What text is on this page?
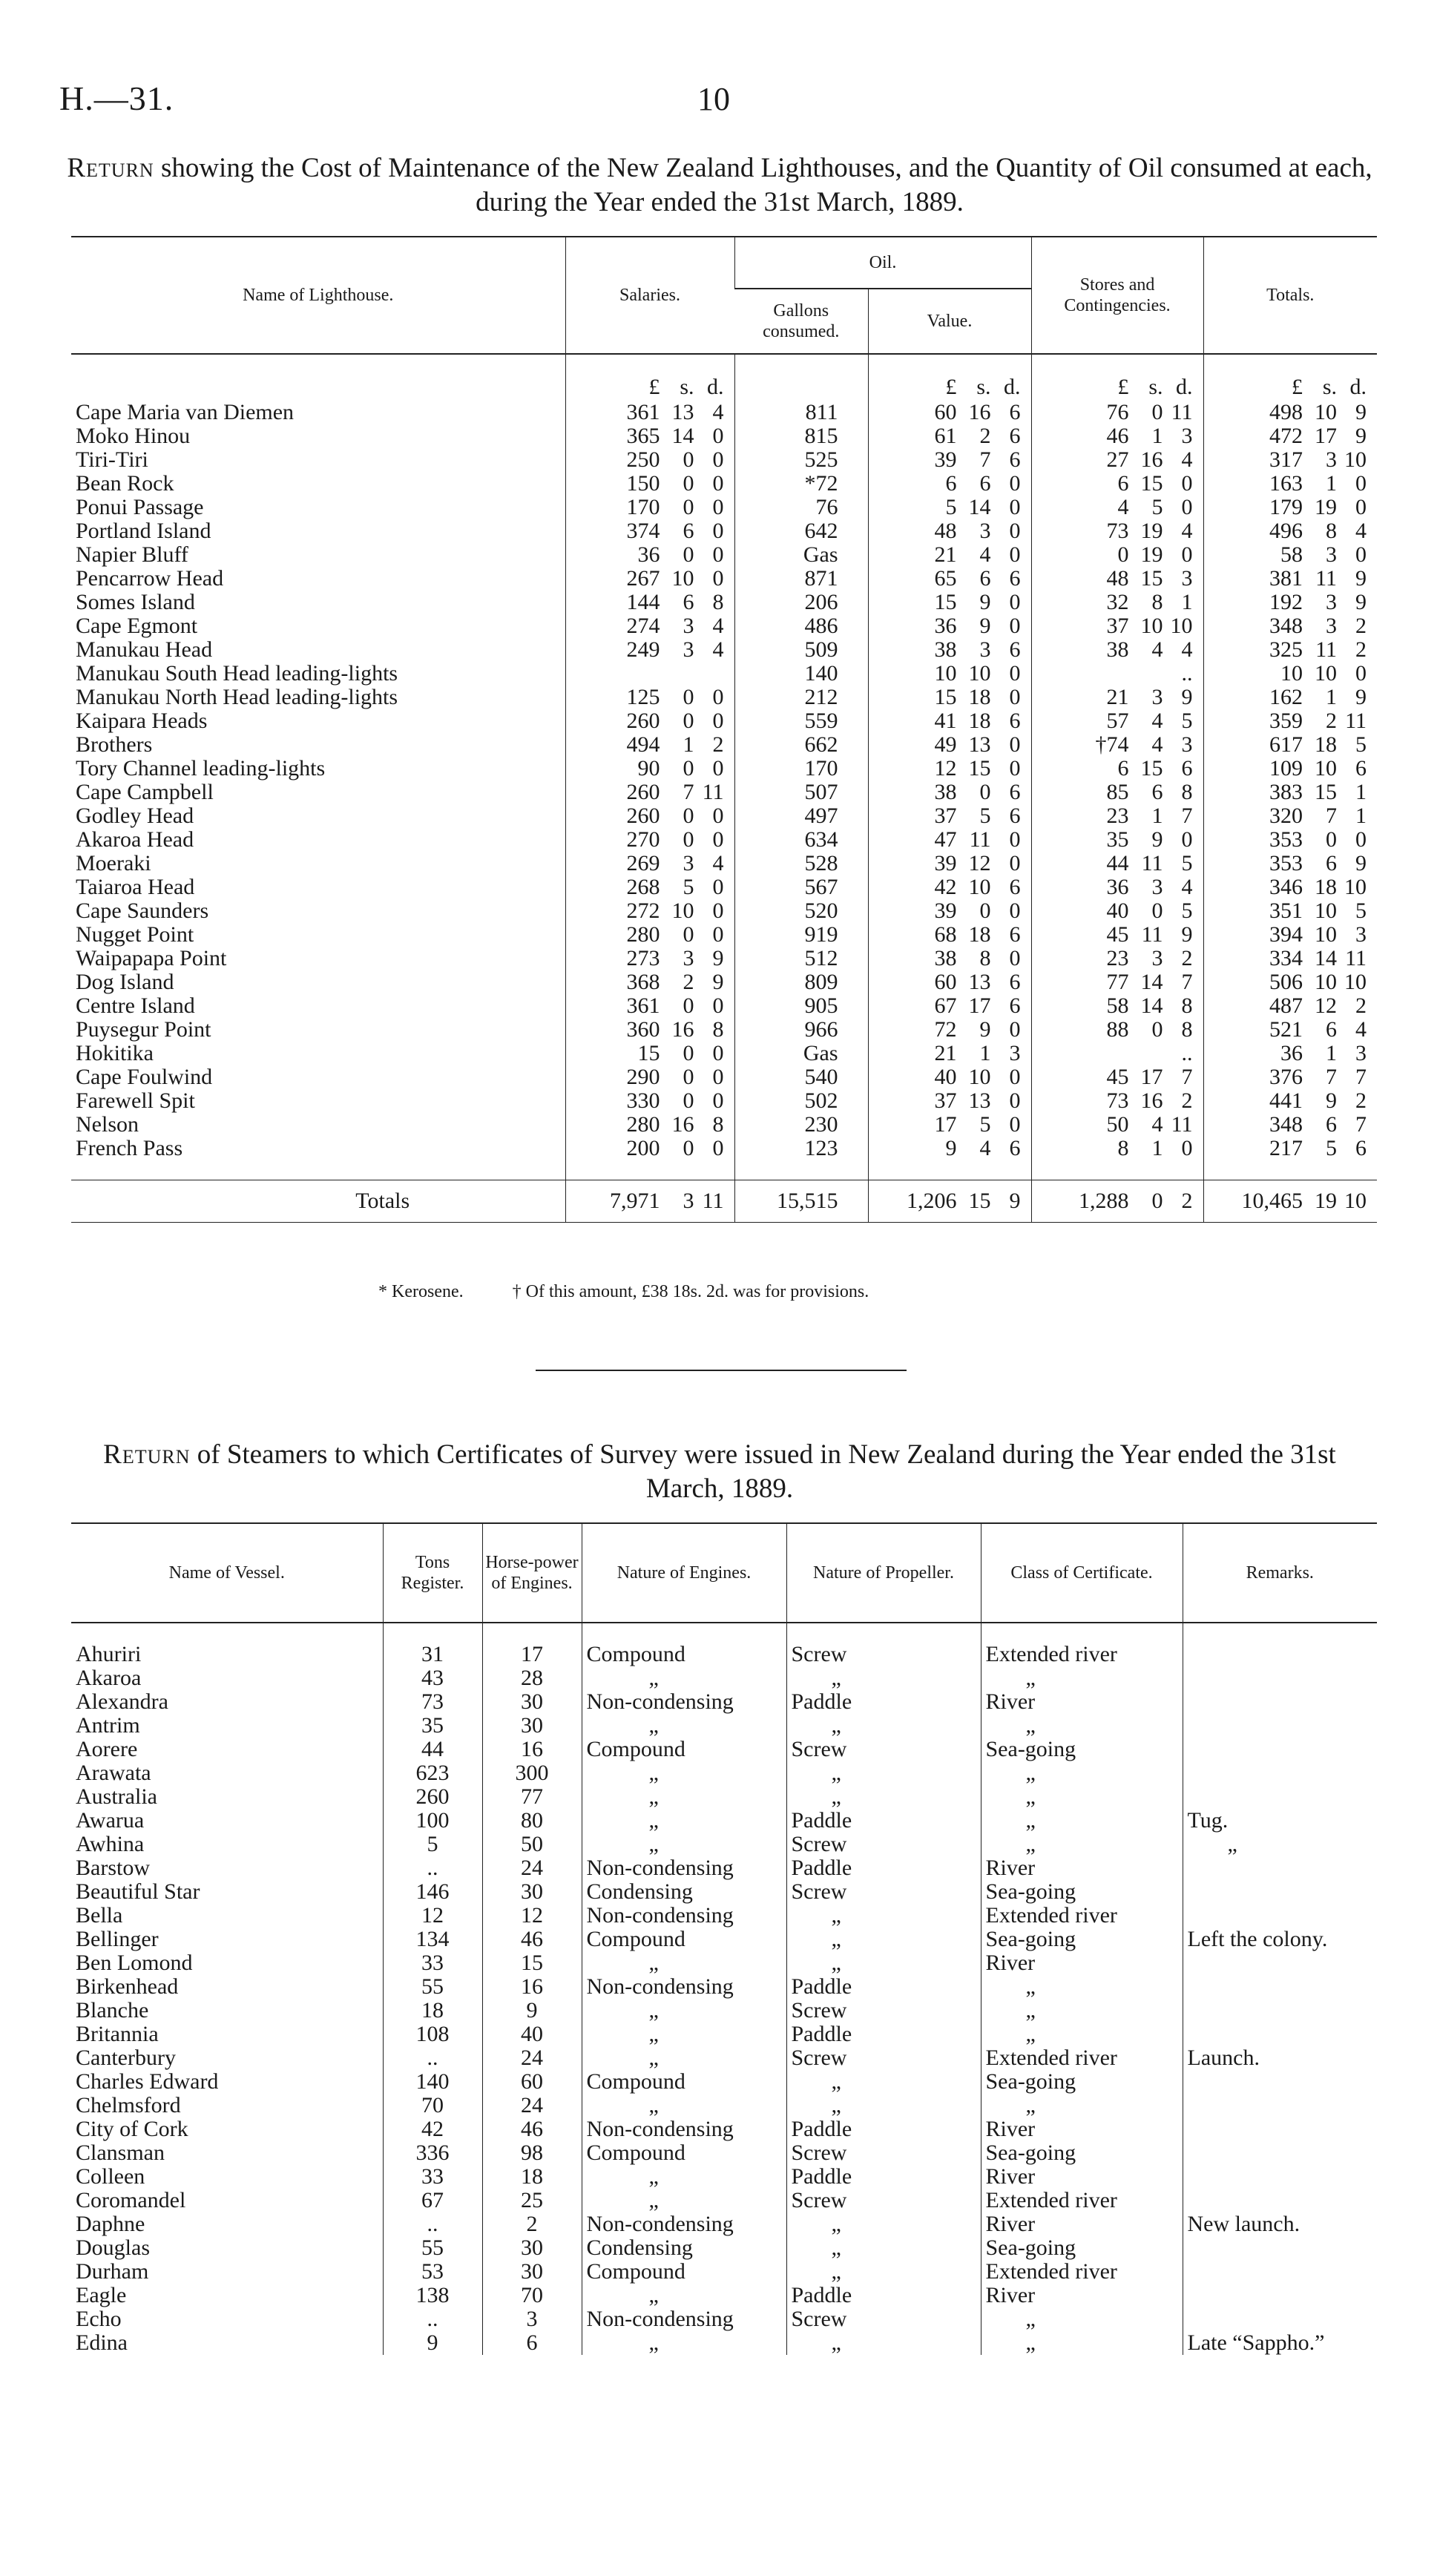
H.—31.	10
Return showing the Cost of Maintenance of the New Zealand Lighthouses, and the Quantity of Oil consumed at each, during the Year ended the 31st March, 1889.
Name of Lighthouse.	Salaries.	Oil.		Stores and Contingencies.	Totals.
		Gallons consumed.	Value.		

	£ s. d.		£ s. d.	£ s. d.	£ s. d.
Cape Maria van Diemen	361 13 4	811	60 16 6	76 0 11	498 10 9
Moko Hinou	365 14 0	815	61 2 6	46 1 3	472 17 9
Tiri-Tiri	250 0 0	525	39 7 6	27 16 4	317 3 10
Bean Rock	150 0 0	*72	6 6 0	6 15 0	163 1 0
Ponui Passage	170 0 0	76	5 14 0	4 5 0	179 19 0
Portland Island	374 6 0	642	48 3 0	73 19 4	496 8 4
Napier Bluff	36 0 0	Gas	21 4 0	0 19 0	58 3 0
Pencarrow Head	267 10 0	871	65 6 6	48 15 3	381 11 9
Somes Island	144 6 8	206	15 9 0	32 8 1	192 3 9
Cape Egmont	274 3 4	486	36 9 0	37 10 10	348 3 2
Manukau Head	249 3 4	509	38 3 6	38 4 4	325 11 2
Manukau South Head leading-lights		140	10 10 0	..	10 10 0
Manukau North Head leading-lights	125 0 0	212	15 18 0	21 3 9	162 1 9
Kaipara Heads	260 0 0	559	41 18 6	57 4 5	359 2 11
Brothers	494 1 2	662	49 13 0	†74 4 3	617 18 5
Tory Channel leading-lights	90 0 0	170	12 15 0	6 15 6	109 10 6
Cape Campbell	260 7 11	507	38 0 6	85 6 8	383 15 1
Godley Head	260 0 0	497	37 5 6	23 1 7	320 7 1
Akaroa Head	270 0 0	634	47 11 0	35 9 0	353 0 0
Moeraki	269 3 4	528	39 12 0	44 11 5	353 6 9
Taiaroa Head	268 5 0	567	42 10 6	36 3 4	346 18 10
Cape Saunders	272 10 0	520	39 0 0	40 0 5	351 10 5
Nugget Point	280 0 0	919	68 18 6	45 11 9	394 10 3
Waipapapa Point	273 3 9	512	38 8 0	23 3 2	334 14 11
Dog Island	368 2 9	809	60 13 6	77 14 7	506 10 10
Centre Island	361 0 0	905	67 17 6	58 14 8	487 12 2
Puysegur Point	360 16 8	966	72 9 0	88 0 8	521 6 4
Hokitika	15 0 0	Gas	21 1 3	..	36 1 3
Cape Foulwind	290 0 0	540	40 10 0	45 17 7	376 7 7
Farewell Spit	330 0 0	502	37 13 0	73 16 2	441 9 2
Nelson	280 16 8	230	17 5 0	50 4 11	348 6 7
French Pass	200 0 0	123	9 4 6	8 1 0	217 5 6

Totals	7,971 3 11	15,515	1,206 15 9	1,288 0 2	10,465 19 10
* Kerosene.	† Of this amount, £38 18s. 2d. was for provisions.
Return of Steamers to which Certificates of Survey were issued in New Zealand during the Year ended the 31st March, 1889.
Name of Vessel.	Tons Register.	Horse-power of Engines.	Nature of Engines.	Nature of Propeller.	Class of Certificate.	Remarks.

Ahuriri	31	17	Compound	Screw	Extended river	
Akaroa	43	28	„	„	„	
Alexandra	73	30	Non-condensing	Paddle	River	
Antrim	35	30	„	„	„	
Aorere	44	16	Compound	Screw	Sea-going	
Arawata	623	300	„	„	„	
Australia	260	77	„	„	„	
Awarua	100	80	„	Paddle	„	Tug.
Awhina	5	50	„	Screw	„	„
Barstow	..	24	Non-condensing	Paddle	River	
Beautiful Star	146	30	Condensing	Screw	Sea-going	
Bella	12	12	Non-condensing	„	Extended river	
Bellinger	134	46	Compound	„	Sea-going	Left the colony.
Ben Lomond	33	15	„	„	River	
Birkenhead	55	16	Non-condensing	Paddle	„	
Blanche	18	9	„	Screw	„	
Britannia	108	40	„	Paddle	„	
Canterbury	..	24	„	Screw	Extended river	Launch.
Charles Edward	140	60	Compound	„	Sea-going	
Chelmsford	70	24	„	„	„	
City of Cork	42	46	Non-condensing	Paddle	River	
Clansman	336	98	Compound	Screw	Sea-going	
Colleen	33	18	„	Paddle	River	
Coromandel	67	25	„	Screw	Extended river	
Daphne	..	2	Non-condensing	„	River	New launch.
Douglas	55	30	Condensing	„	Sea-going	
Durham	53	30	Compound	„	Extended river	
Eagle	138	70	„	Paddle	River	
Echo	..	3	Non-condensing	Screw	„	
Edina	9	6	„	„	„	Late “Sappho.”
